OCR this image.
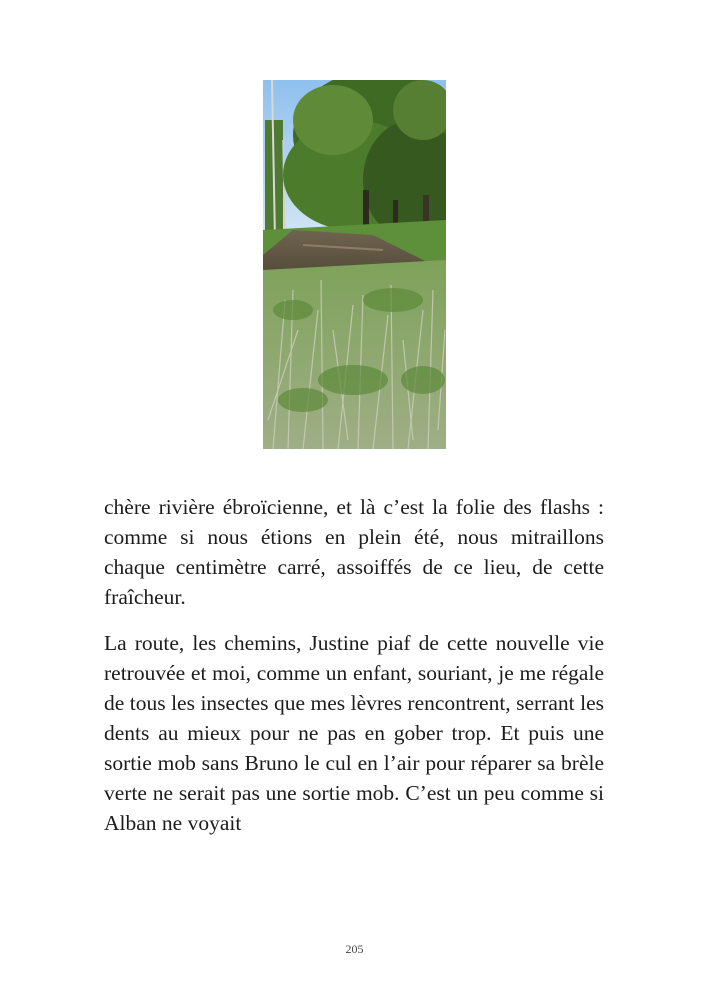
chère rivière ébroïcienne, et là c’est la folie des flashs : comme si nous étions en plein été, nous mitraillons chaque centimètre carré, assoiffés de ce lieu, de cette fraîcheur.

La route, les chemins, Justine piaf de cette nouvelle vie retrouvée et moi, comme un enfant, souriant, je me régale de tous les insectes que mes lèvres rencontrent, serrant les dents au mieux pour ne pas en gober trop. Et puis une sortie mob sans Bruno le cul en l’air pour réparer sa brèle verte ne serait pas une sortie mob. C’est un peu comme si Alban ne voyait

205
